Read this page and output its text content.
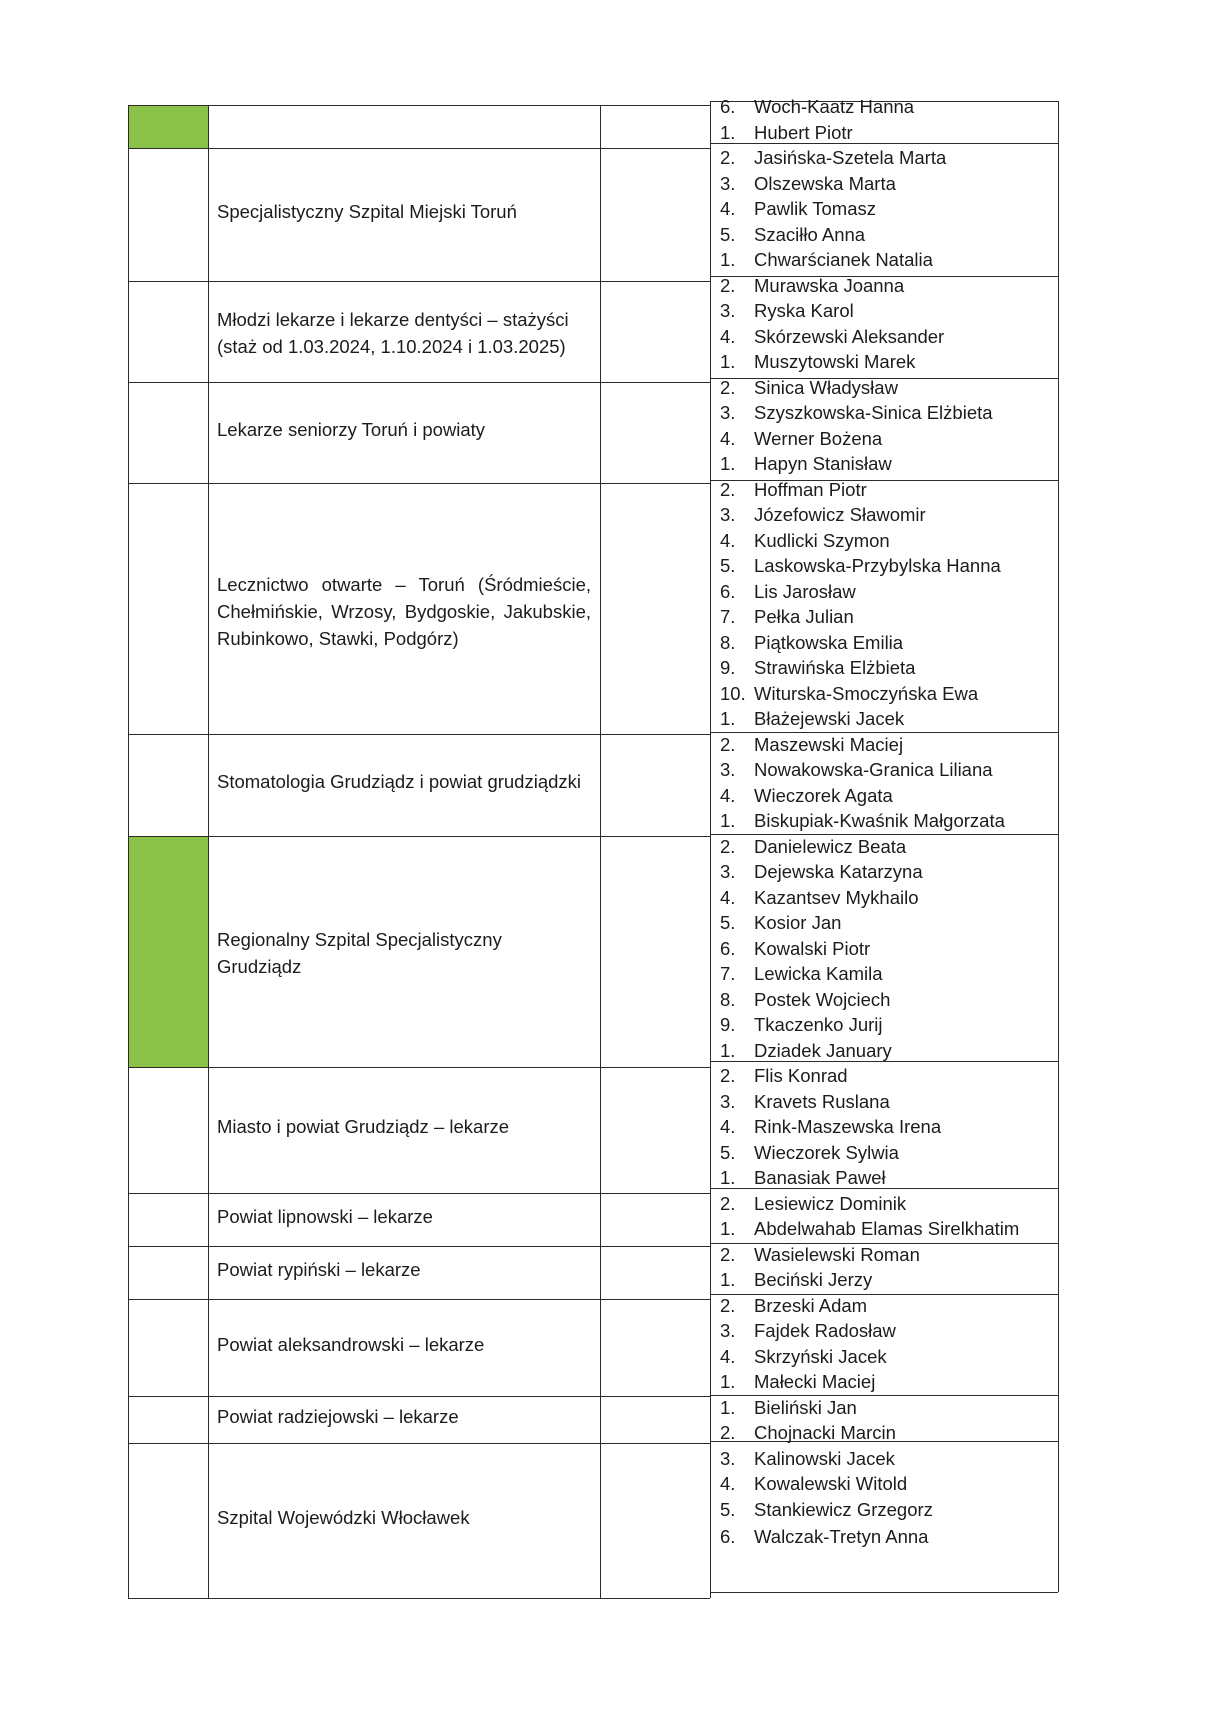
6. Woch-Kaatz Hanna
Specjalistyczny Szpital Miejski Toruń
1. Hubert Piotr
2. Jasińska-Szetela Marta
3. Olszewska Marta
4. Pawlik Tomasz
5. Szaciłło Anna
Młodzi lekarze i lekarze dentyści – stażyści
(staż od 1.03.2024, 1.10.2024 i 1.03.2025)
1. Chwarścianek Natalia
2. Murawska Joanna
3. Ryska Karol
4. Skórzewski Aleksander
Lekarze seniorzy Toruń i powiaty
1. Muszytowski Marek
2. Sinica Władysław
3. Szyszkowska-Sinica Elżbieta
4. Werner Bożena
Lecznictwo otwarte – Toruń (Śródmieście,
Chełmińskie, Wrzosy, Bydgoskie, Jakubskie,
Rubinkowo, Stawki, Podgórz)
1. Hapyn Stanisław
2. Hoffman Piotr
3. Józefowicz Sławomir
4. Kudlicki Szymon
5. Laskowska-Przybylska Hanna
6. Lis Jarosław
7. Pełka Julian
8. Piątkowska Emilia
9. Strawińska Elżbieta
10. Witurska-Smoczyńska Ewa
Stomatologia Grudziądz i powiat grudziądzki
1. Błażejewski Jacek
2. Maszewski Maciej
3. Nowakowska-Granica Liliana
4. Wieczorek Agata
Regionalny Szpital Specjalistyczny
Grudziądz
1. Biskupiak-Kwaśnik Małgorzata
2. Danielewicz Beata
3. Dejewska Katarzyna
4. Kazantsev Mykhailo
5. Kosior Jan
6. Kowalski Piotr
7. Lewicka Kamila
8. Postek Wojciech
9. Tkaczenko Jurij
Miasto i powiat Grudziądz – lekarze
1. Dziadek January
2. Flis Konrad
3. Kravets Ruslana
4. Rink-Maszewska Irena
5. Wieczorek Sylwia
Powiat lipnowski – lekarze
1. Banasiak Paweł
2. Lesiewicz Dominik
Powiat rypiński – lekarze
1. Abdelwahab Elamas Sirelkhatim
2. Wasielewski Roman
Powiat aleksandrowski – lekarze
1. Beciński Jerzy
2. Brzeski Adam
3. Fajdek Radosław
4. Skrzyński Jacek
Powiat radziejowski – lekarze
1. Małecki Maciej
Szpital Wojewódzki Włocławek
1. Bieliński Jan
2. Chojnacki Marcin
3. Kalinowski Jacek
4. Kowalewski Witold
5. Stankiewicz Grzegorz
6. Walczak-Tretyn Anna
